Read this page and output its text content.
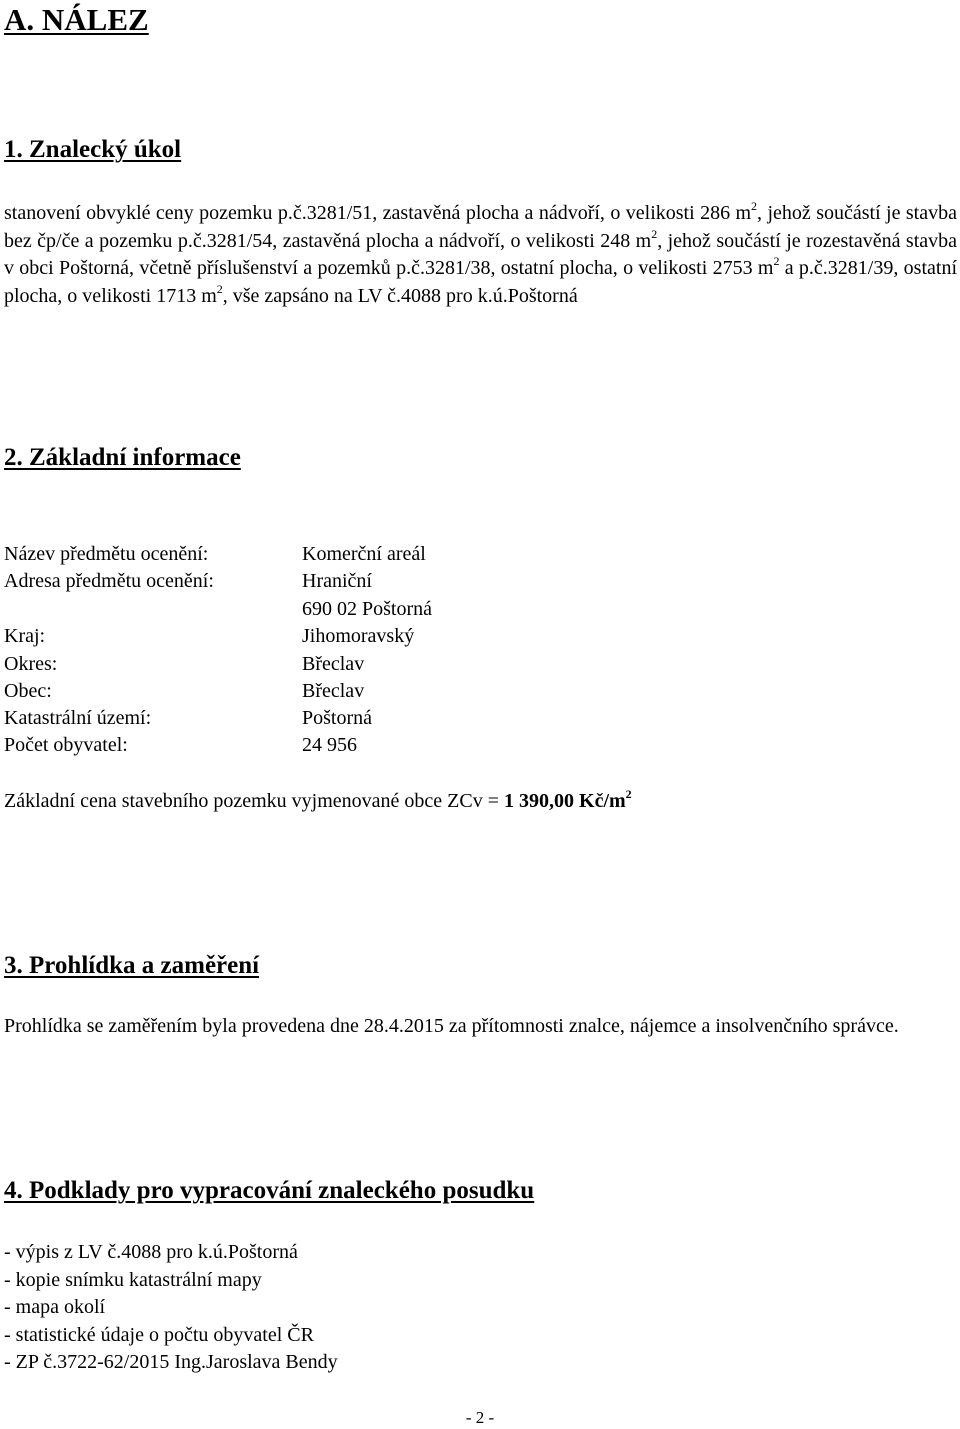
A. NÁLEZ
1. Znalecký úkol

stanovení obvyklé ceny pozemku p.č.3281/51, zastavěná plocha a nádvoří, o velikosti 286 $m^2$, jehož součástí je stavba bez čp/če a pozemku p.č.3281/54, zastavěná plocha a nádvoří, o velikosti 248 $m^2$, jehož součástí je rozestavěná stavba v obci Poštorná, včetně příslušenství a pozemků p.č.3281/38, ostatní plocha, o velikosti 2753 $m^2$ a p.č.3281/39, ostatní plocha, o velikosti 1713 $m^2$, vše zapsáno na LV č.4088 pro k.ú.Poštorná

2. Základní informace
Název předmětu ocenění:	Komerční areál
Adresa předmětu ocenění:	Hraniční
690 02 Poštorná
Kraj:	Jihomoravský
Okres:	Břeclav
Obec:	Břeclav
Katastrální území:	Poštorná
Počet obyvatel:	24 956
Základní cena stavebního pozemku vyjmenované obce ZCv = 1 390,00 $Kč/m^2$
3. Prohlídka a zaměření

Prohlídka se zaměřením byla provedena dne 28.4.2015 za přítomnosti znalce, nájemce a insolvenčního správce.

4. Podklady pro vypracování znaleckého posudku
- výpis z LV č.4088 pro k.ú.Poštorná
- kopie snímku katastrální mapy
- mapa okolí
- statistické údaje o počtu obyvatel ČR
- ZP č.3722-62/2015 Ing.Jaroslava Bendy
- 2 -
